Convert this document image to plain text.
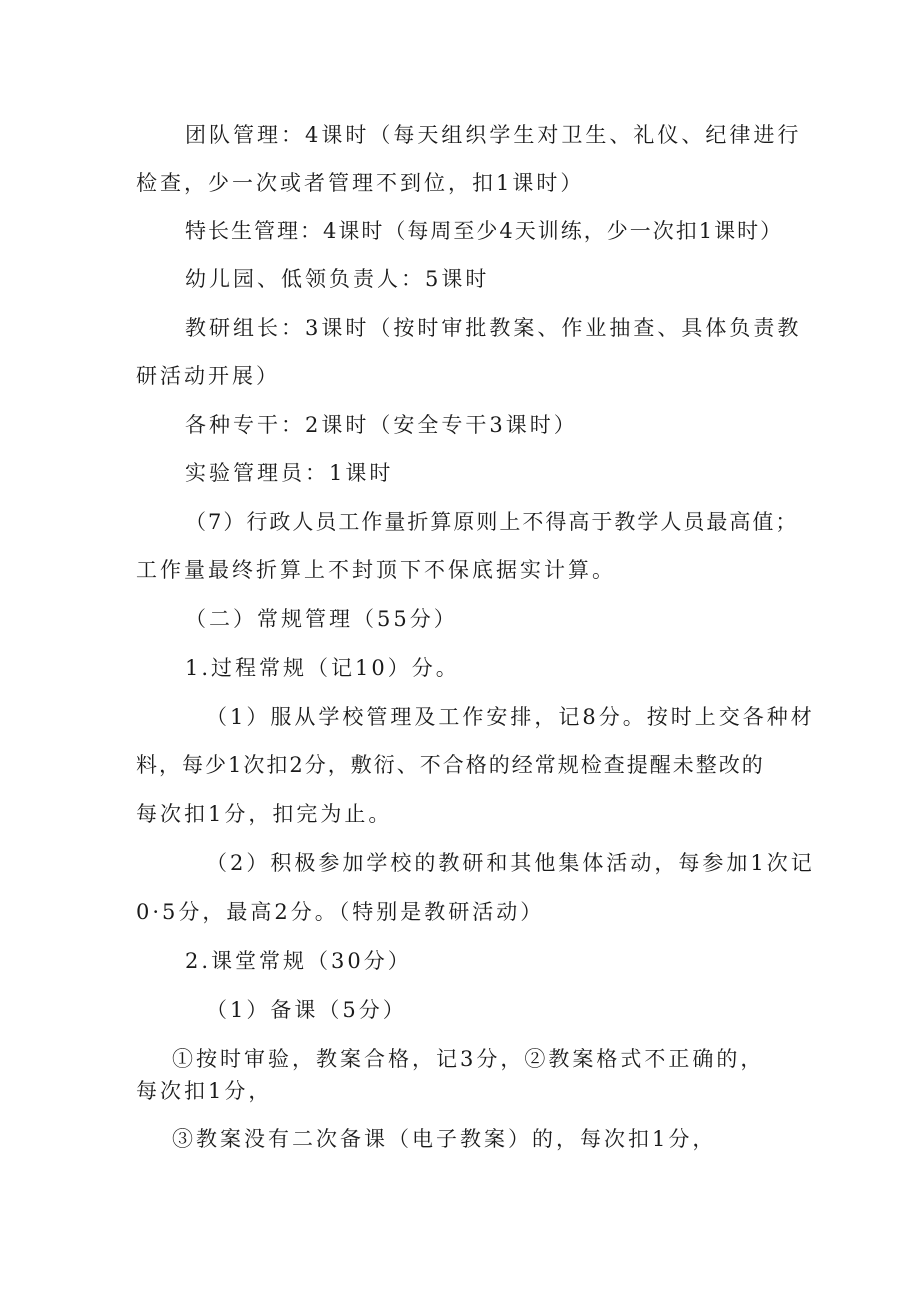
团队管理：4课时（每天组织学生对卫生、礼仪、纪律进行

检查，少一次或者管理不到位，扣1课时）

特长生管理：4课时（每周至少4天训练，少一次扣1课时）

幼儿园、低领负责人：5课时

教研组长：3课时（按时审批教案、作业抽查、具体负责教

研活动开展）

各种专干：2课时（安全专干3课时）

实验管理员：1课时

（7）行政人员工作量折算原则上不得高于教学人员最高值；

工作量最终折算上不封顶下不保底据实计算。

（二）常规管理（55分）

1.过程常规（记10）分。

（1）服从学校管理及工作安排，记8分。按时上交各种材

料，每少1次扣2分，敷衍、不合格的经常规检查提醒未整改的

每次扣1分，扣完为止。

（2）积极参加学校的教研和其他集体活动，每参加1次记

0·5分，最高2分。（特别是教研活动）

2.课堂常规（30分）

（1）备课（5分）

①按时审验，教案合格，记3分，②教案格式不正确的，

每次扣1分，

③教案没有二次备课（电子教案）的，每次扣1分，
